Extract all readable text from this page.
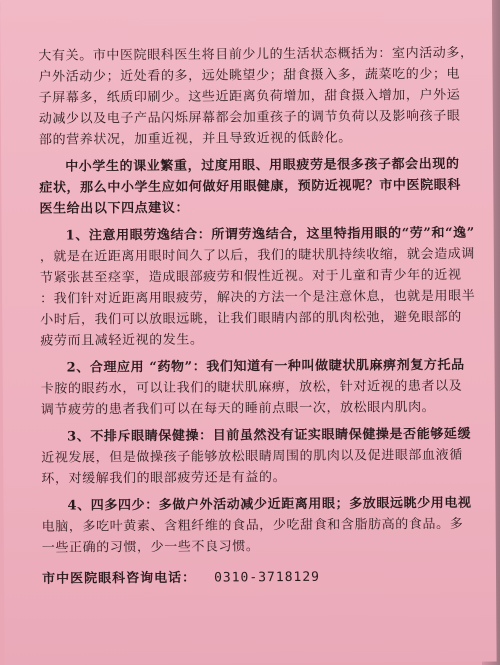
大有关。市中医院眼科医生将目前少儿的生活状态概括为：室内活动多，
户外活动少；近处看的多，远处眺望少；甜食摄入多，蔬菜吃的少；电
子屏幕多，纸质印刷少。这些近距离负荷增加，甜食摄入增加，户外运
动减少以及电子产品闪烁屏幕都会加重孩子的调节负荷以及影响孩子眼
部的营养状况，加重近视，并且导致近视的低龄化。

中小学生的课业繁重，过度用眼、用眼疲劳是很多孩子都会出现的
症状，那么中小学生应如何做好用眼健康，预防近视呢？市中医院眼科
医生给出以下四点建议：

1、注意用眼劳逸结合：所谓劳逸结合，这里特指用眼的“劳”和“逸”
，就是在近距离用眼时间久了以后，我们的睫状肌持续收缩，就会造成调
节紧张甚至痉挛，造成眼部疲劳和假性近视。对于儿童和青少年的近视
：我们针对近距离用眼疲劳，解决的方法一个是注意休息，也就是用眼半
小时后，我们可以放眼远眺，让我们眼睛内部的肌肉松弛，避免眼部的
疲劳而且减轻近视的发生。

2、合理应用 “药物”：我们知道有一种叫做睫状肌麻痹剂复方托品
卡胺的眼药水，可以让我们的睫状肌麻痹，放松，针对近视的患者以及
调节疲劳的患者我们可以在每天的睡前点眼一次，放松眼内肌肉。

3、不排斥眼睛保健操：目前虽然没有证实眼睛保健操是否能够延缓
近视发展，但是做操孩子能够放松眼睛周围的肌肉以及促进眼部血液循
环，对缓解我们的眼部疲劳还是有益的。

4、四多四少：多做户外活动减少近距离用眼；多放眼远眺少用电视
电脑，多吃叶黄素、含粗纤维的食品，少吃甜食和含脂肪高的食品。多
一些正确的习惯，少一些不良习惯。

市中医院眼科咨询电话： 0310-3718129
